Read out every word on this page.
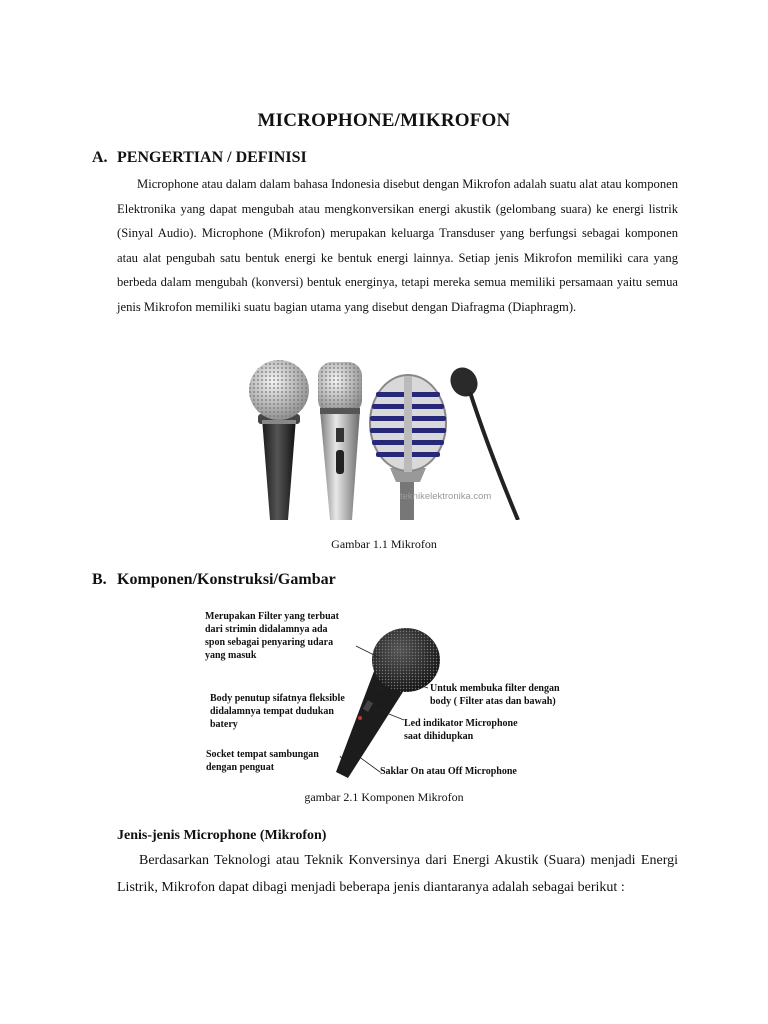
MICROPHONE/MIKROFON
A. PENGERTIAN / DEFINISI
Microphone atau dalam dalam bahasa Indonesia disebut dengan Mikrofon adalah suatu alat atau komponen Elektronika yang dapat mengubah atau mengkonversikan energi akustik (gelombang suara) ke energi listrik (Sinyal Audio). Microphone (Mikrofon) merupakan keluarga Transduser yang berfungsi sebagai komponen atau alat pengubah satu bentuk energi ke bentuk energi lainnya. Setiap jenis Mikrofon memiliki cara yang berbeda dalam mengubah (konversi) bentuk energinya, tetapi mereka semua memiliki persamaan yaitu semua jenis Mikrofon memiliki suatu bagian utama yang disebut dengan Diafragma (Diaphragm).
teknikelektronika.com
Gambar 1.1 Mikrofon
B. Komponen/Konstruksi/Gambar
Merupakan Filter yang terbuat
dari strimin didalamnya ada
spon sebagai penyaring udara
yang masuk
Body penutup sifatnya fleksible
didalamnya tempat dudukan
batery
Socket tempat sambungan
dengan penguat
Untuk membuka filter dengan
body ( Filter atas dan bawah)
Led indikator Microphone
saat dihidupkan
Saklar On atau Off Microphone
gambar 2.1 Komponen Mikrofon
Jenis-jenis Microphone (Mikrofon)
Berdasarkan Teknologi atau Teknik Konversinya dari Energi Akustik (Suara) menjadi Energi Listrik, Mikrofon dapat dibagi menjadi beberapa jenis diantaranya adalah sebagai berikut :
